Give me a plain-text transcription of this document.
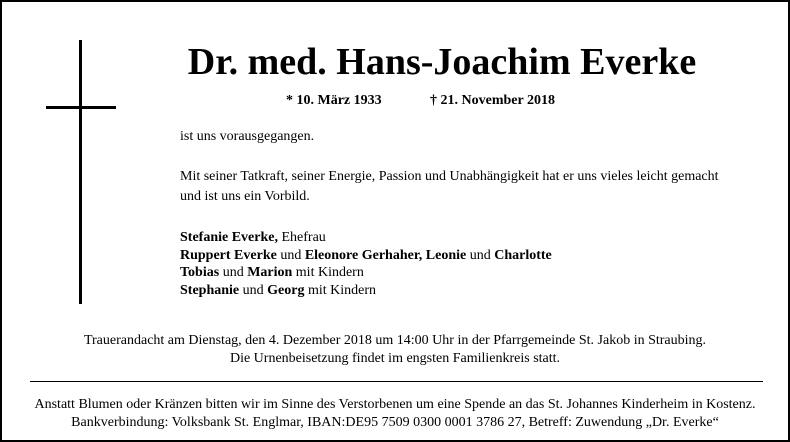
Dr. med. Hans-Joachim Everke
* 10. März 1933	† 21. November 2018
ist uns vorausgegangen.
Mit seiner Tatkraft, seiner Energie, Passion und Unabhängigkeit hat er uns vieles leicht gemacht
und ist uns ein Vorbild.
Stefanie Everke, Ehefrau
Ruppert Everke und Eleonore Gerhaher, Leonie und Charlotte
Tobias und Marion mit Kindern
Stephanie und Georg mit Kindern
Trauerandacht am Dienstag, den 4. Dezember 2018 um 14:00 Uhr in der Pfarrgemeinde St. Jakob in Straubing.
Die Urnenbeisetzung findet im engsten Familienkreis statt.
Anstatt Blumen oder Kränzen bitten wir im Sinne des Verstorbenen um eine Spende an das St. Johannes Kinderheim in Kostenz.
Bankverbindung: Volksbank St. Englmar, IBAN:DE95 7509 0300 0001 3786 27, Betreff: Zuwendung „Dr. Everke“
